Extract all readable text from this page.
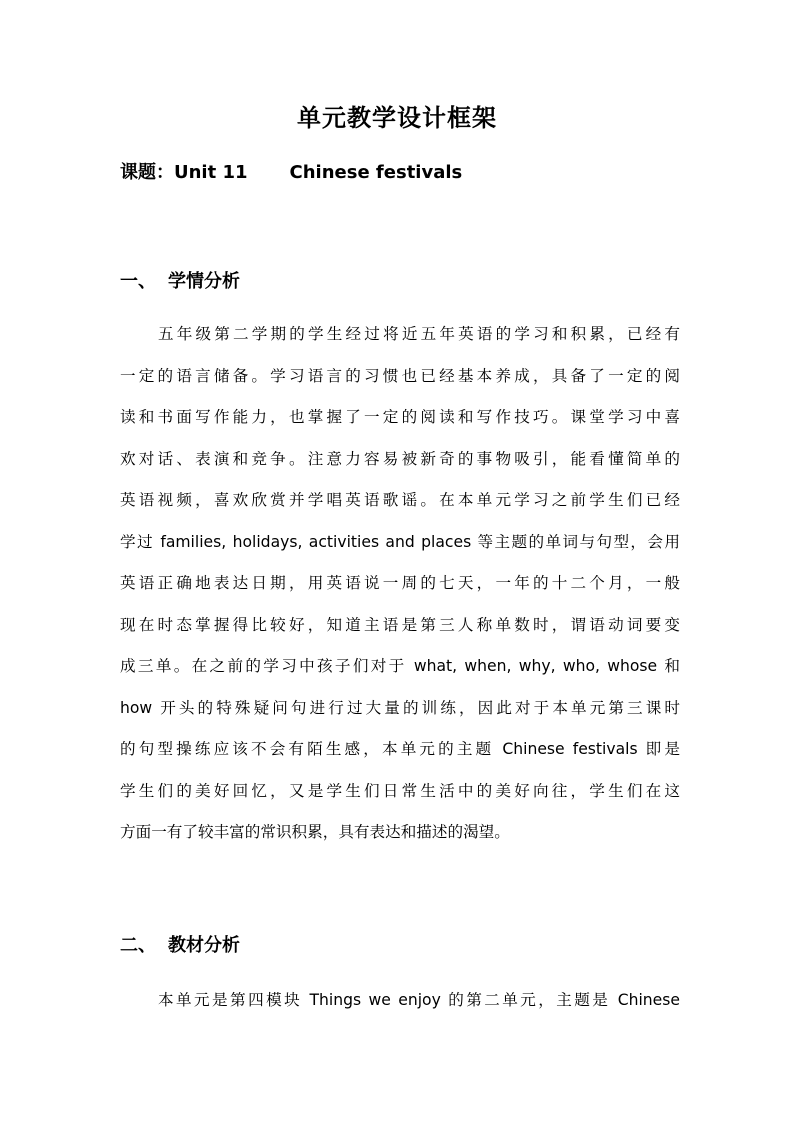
单元教学设计框架
课题：Unit 11 Chinese festivals
一、 学情分析
五年级第二学期的学生经过将近五年英语的学习和积累，已经有
一定的语言储备。学习语言的习惯也已经基本养成，具备了一定的阅
读和书面写作能力，也掌握了一定的阅读和写作技巧。课堂学习中喜
欢对话、表演和竞争。注意力容易被新奇的事物吸引，能看懂简单的
英语视频，喜欢欣赏并学唱英语歌谣。在本单元学习之前学生们已经
学过 families, holidays, activities and places 等主题的单词与句型，会用
英语正确地表达日期，用英语说一周的七天，一年的十二个月，一般
现在时态掌握得比较好，知道主语是第三人称单数时，谓语动词要变
成三单。在之前的学习中孩子们对于 what, when, why, who, whose 和
how 开头的特殊疑问句进行过大量的训练，因此对于本单元第三课时
的句型操练应该不会有陌生感，本单元的主题 Chinese festivals 即是
学生们的美好回忆，又是学生们日常生活中的美好向往，学生们在这
方面一有了较丰富的常识积累，具有表达和描述的渴望。
二、 教材分析
本单元是第四模块 Things we enjoy 的第二单元，主题是 Chinese
